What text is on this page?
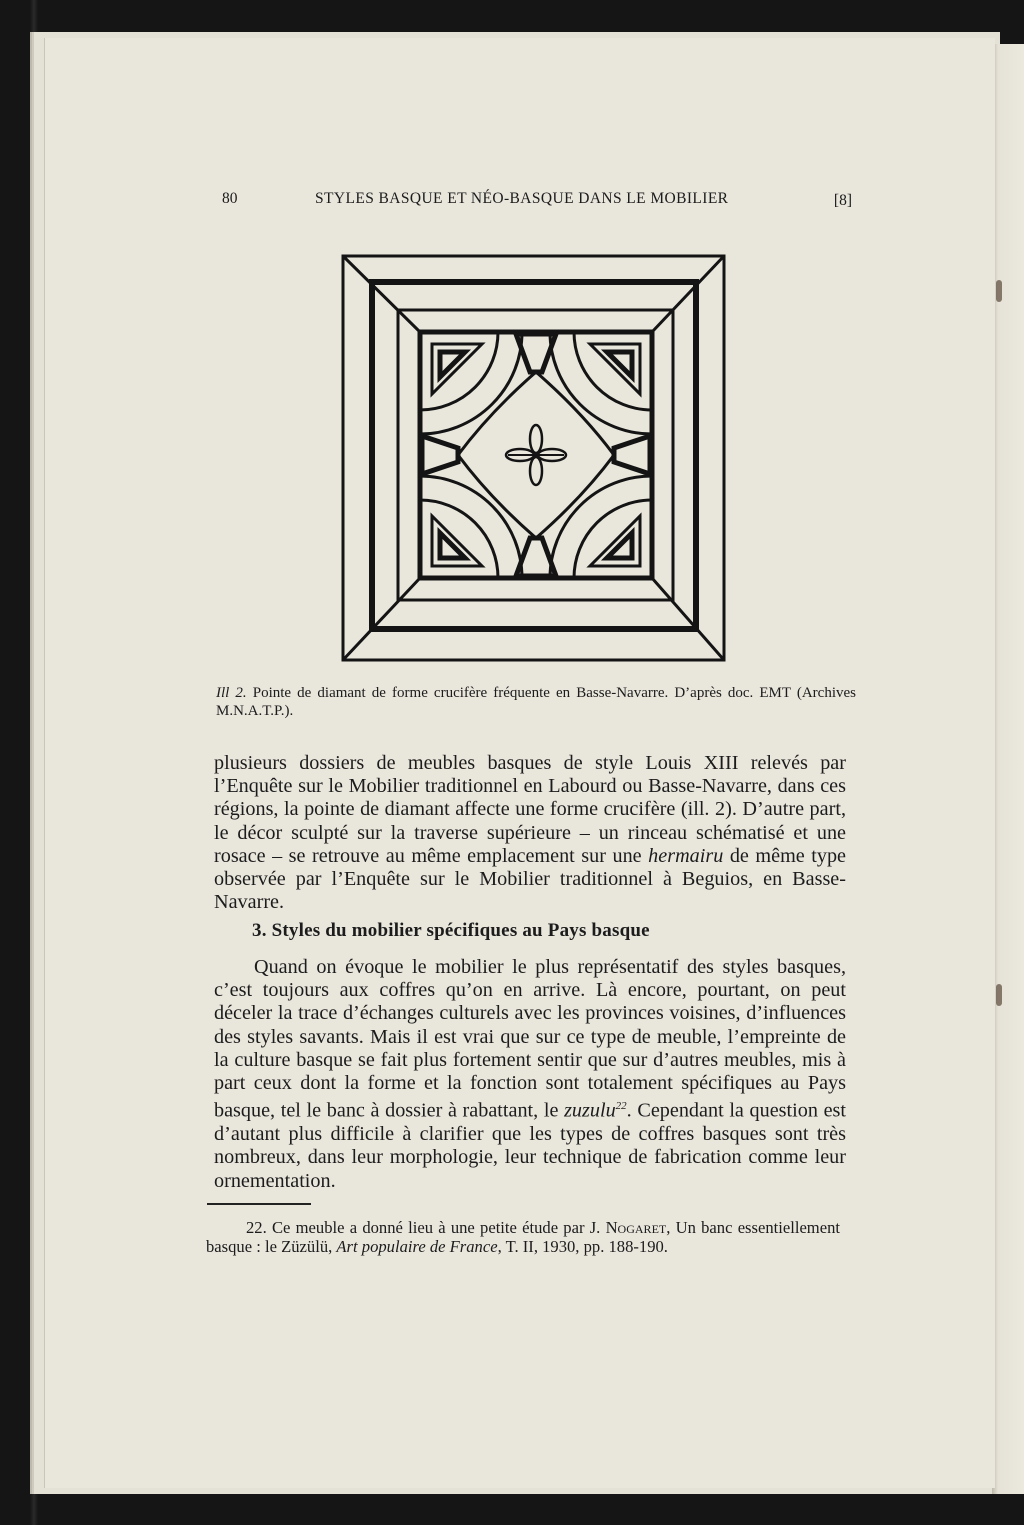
80	STYLES BASQUE ET NÉO-BASQUE DANS LE MOBILIER	[8]
Ill 2. Pointe de diamant de forme crucifère fréquente en Basse-Navarre. D’après doc. EMT (Archives M.N.A.T.P.).
plusieurs dossiers de meubles basques de style Louis XIII relevés par l’Enquête sur le Mobilier traditionnel en Labourd ou Basse-Navarre, dans ces régions, la pointe de diamant affecte une forme crucifère (ill. 2). D’autre part, le décor sculpté sur la traverse supérieure – un rinceau schématisé et une rosace – se retrouve au même emplacement sur une hermairu de même type observée par l’Enquête sur le Mobilier traditionnel à Beguios, en Basse-Navarre.
3. Styles du mobilier spécifiques au Pays basque
Quand on évoque le mobilier le plus représentatif des styles basques, c’est toujours aux coffres qu’on en arrive. Là encore, pourtant, on peut déceler la trace d’échanges culturels avec les provinces voisines, d’influences des styles savants. Mais il est vrai que sur ce type de meuble, l’empreinte de la culture basque se fait plus fortement sentir que sur d’autres meubles, mis à part ceux dont la forme et la fonction sont totalement spécifiques au Pays basque, tel le banc à dossier à rabattant, le zuzulu$^{22}$. Cependant la question est d’autant plus difficile à clarifier que les types de coffres basques sont très nombreux, dans leur morphologie, leur technique de fabrication comme leur ornementation.
22. Ce meuble a donné lieu à une petite étude par J. Nogaret, Un banc essentiellement basque : le Züzülü, Art populaire de France, T. II, 1930, pp. 188-190.
